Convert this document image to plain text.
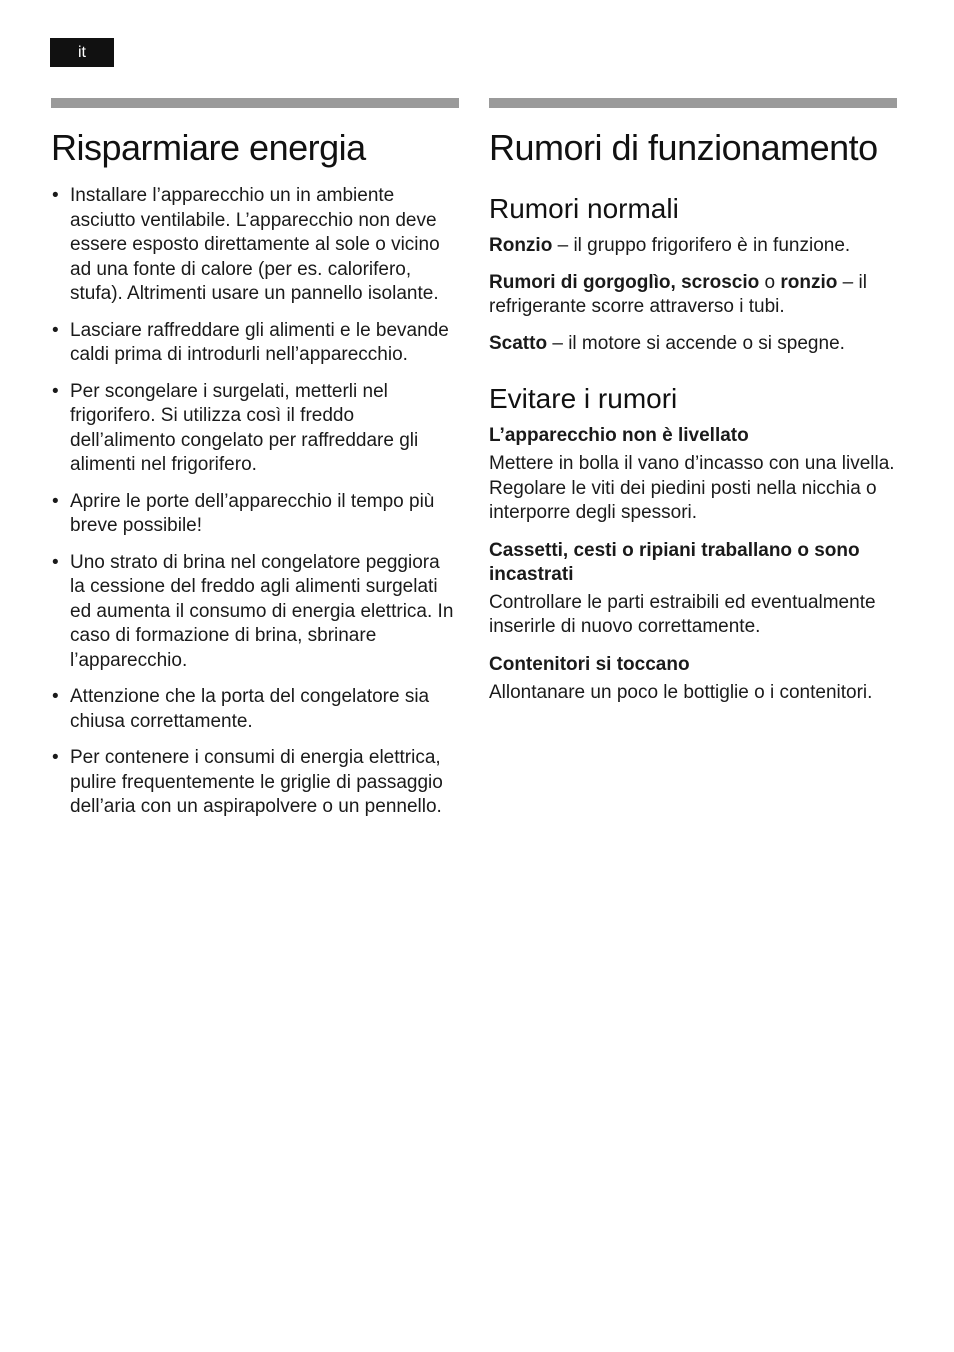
it
Risparmiare energia
• Installare l’apparecchio un in ambiente asciutto ventilabile. L’apparecchio non deve essere esposto direttamente al sole o vicino ad una fonte di calore (per es. calorifero, stufa). Altrimenti usare un pannello isolante.
• Lasciare raffreddare gli alimenti e le bevande caldi prima di introdurli nell’apparecchio.
• Per scongelare i surgelati, metterli nel frigorifero. Si utilizza così il freddo dell’alimento congelato per raffreddare gli alimenti nel frigorifero.
• Aprire le porte dell’apparecchio il tempo più breve possibile!
• Uno strato di brina nel congelatore peggiora la cessione del freddo agli alimenti surgelati ed aumenta il consumo di energia elettrica. In caso di formazione di brina, sbrinare l’apparecchio.
• Attenzione che la porta del congelatore sia chiusa correttamente.
• Per contenere i consumi di energia elettrica, pulire frequentemente le griglie di passaggio dell’aria con un aspirapolvere o un pennello.
Rumori di funzionamento
Rumori normali

Ronzio – il gruppo frigorifero è in funzione.

Rumori di gorgoglìo, scroscio o ronzio – il refrigerante scorre attraverso i tubi.

Scatto – il motore si accende o si spegne.

Evitare i rumori
L’apparecchio non è livellato

Mettere in bolla il vano d’incasso con una livella. Regolare le viti dei piedini posti nella nicchia o interporre degli spessori.

Cassetti, cesti o ripiani traballano o sono incastrati

Controllare le parti estraibili ed eventualmente inserirle di nuovo correttamente.

Contenitori si toccano

Allontanare un poco le bottiglie o i contenitori.
